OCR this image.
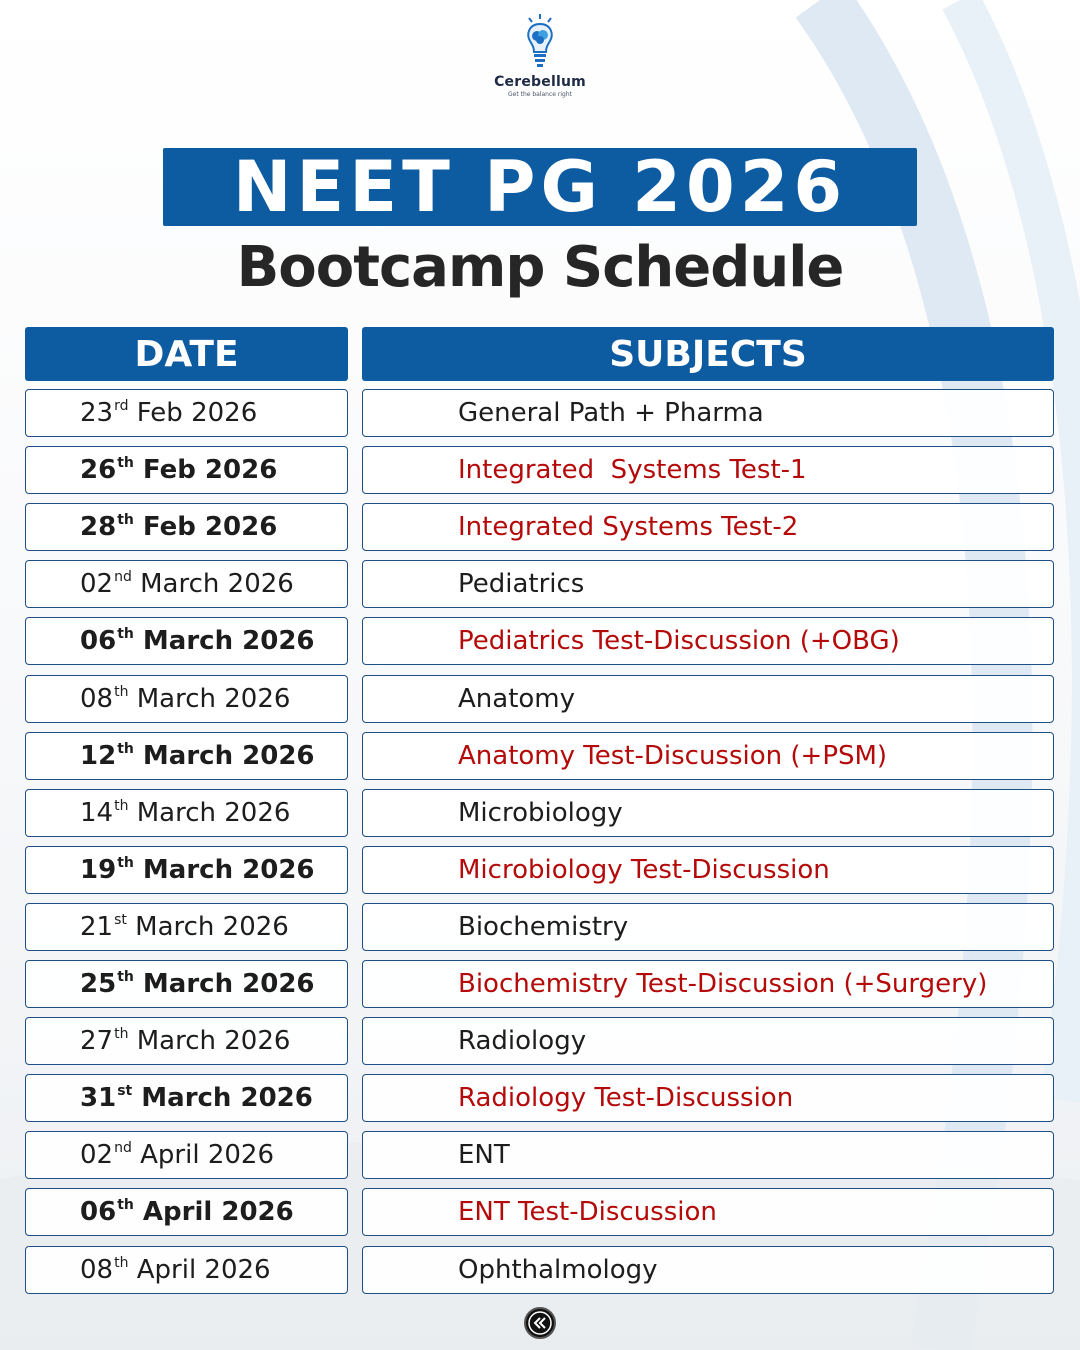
Cerebellum
Get the balance right
NEET PG 2026
Bootcamp Schedule
DATE	SUBJECTS
23rd Feb 2026	General Path + Pharma
26th Feb 2026	Integrated  Systems Test-1
28th Feb 2026	Integrated Systems Test-2
02nd March 2026	Pediatrics
06th March 2026	Pediatrics Test-Discussion (+OBG)
08th March 2026	Anatomy
12th March 2026	Anatomy Test-Discussion (+PSM)
14th March 2026	Microbiology
19th March 2026	Microbiology Test-Discussion
21st March 2026	Biochemistry
25th March 2026	Biochemistry Test-Discussion (+Surgery)
27th March 2026	Radiology
31st March 2026	Radiology Test-Discussion
02nd April 2026	ENT
06th April 2026	ENT Test-Discussion
08th April 2026	Ophthalmology
